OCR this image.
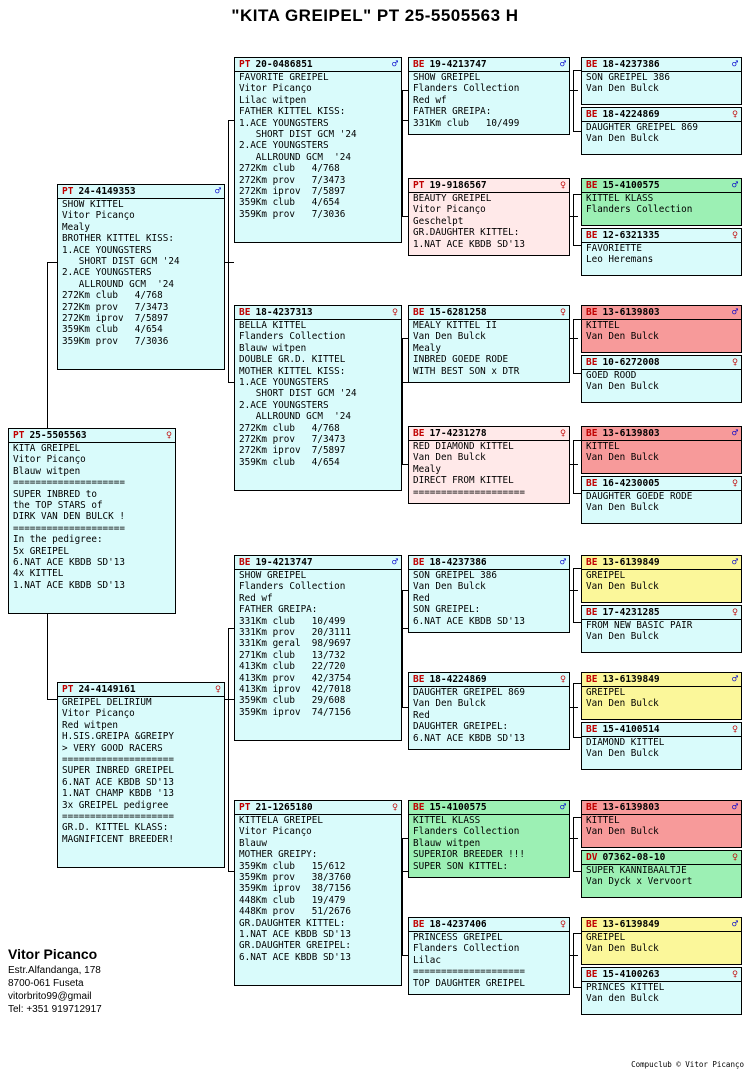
"KITA GREIPEL" PT 25-5505563 H
PT 25-5505563	♀
KITA GREIPEL
Vitor Picanço
Blauw witpen
====================
SUPER INBRED to
the TOP STARS of
DIRK VAN DEN BULCK !
====================
In the pedigree:
5x GREIPEL
6.NAT ACE KBDB SD'13
4x KITTEL
1.NAT ACE KBDB SD'13
PT 24-4149353	♂
SHOW KITTEL
Vitor Picanço
Mealy
BROTHER KITTEL KISS:
1.ACE YOUNGSTERS
SHORT DIST GCM '24
2.ACE YOUNGSTERS
ALLROUND GCM  '24
272Km club   4/768
272Km prov   7/3473
272Km iprov  7/5897
359Km club   4/654
359Km prov   7/3036
PT 24-4149161	♀
GREIPEL DELIRIUM
Vitor Picanço
Red witpen
H.SIS.GREIPA &GREIPY
> VERY GOOD RACERS
====================
SUPER INBRED GREIPEL
6.NAT ACE KBDB SD'13
1.NAT CHAMP KBDB '13
3x GREIPEL pedigree
====================
GR.D. KITTEL KLASS:
MAGNIFICENT BREEDER!
PT 20-0486851	♂
FAVORITE GREIPEL
Vitor Picanço
Lilac witpen
FATHER KITTEL KISS:
1.ACE YOUNGSTERS
SHORT DIST GCM '24
2.ACE YOUNGSTERS
ALLROUND GCM  '24
272Km club   4/768
272Km prov   7/3473
272Km iprov  7/5897
359Km club   4/654
359Km prov   7/3036
BE 18-4237313	♀
BELLA KITTEL
Flanders Collection
Blauw witpen
DOUBLE GR.D. KITTEL
MOTHER KITTEL KISS:
1.ACE YOUNGSTERS
SHORT DIST GCM '24
2.ACE YOUNGSTERS
ALLROUND GCM  '24
272Km club   4/768
272Km prov   7/3473
272Km iprov  7/5897
359Km club   4/654
BE 19-4213747	♂
SHOW GREIPEL
Flanders Collection
Red wf
FATHER GREIPA:
331Km club   10/499
331Km prov   20/3111
331Km geral  98/9697
271Km club   13/732
413Km club   22/720
413Km prov   42/3754
413Km iprov  42/7018
359Km club   29/608
359Km iprov  74/7156
PT 21-1265180	♀
KITTELA GREIPEL
Vitor Picanço
Blauw
MOTHER GREIPY:
359Km club   15/612
359Km prov   38/3760
359Km iprov  38/7156
448Km club   19/479
448Km prov   51/2676
GR.DAUGHTER KITTEL:
1.NAT ACE KBDB SD'13
GR.DAUGHTER GREIPEL:
6.NAT ACE KBDB SD'13
BE 19-4213747	♂
SHOW GREIPEL
Flanders Collection
Red wf
FATHER GREIPA:
331Km club   10/499
PT 19-9186567	♀
BEAUTY GREIPEL
Vitor Picanço
Geschelpt
GR.DAUGHTER KITTEL:
1.NAT ACE KBDB SD'13
BE 15-6281258	♀
MEALY KITTEL II
Van Den Bulck
Mealy
INBRED GOEDE RODE
WITH BEST SON x DTR
BE 17-4231278	♀
RED DIAMOND KITTEL
Van Den Bulck
Mealy
DIRECT FROM KITTEL
====================
BE 18-4237386	♂
SON GREIPEL 386
Van Den Bulck
Red
SON GREIPEL:
6.NAT ACE KBDB SD'13
BE 18-4224869	♀
DAUGHTER GREIPEL 869
Van Den Bulck
Red
DAUGHTER GREIPEL:
6.NAT ACE KBDB SD'13
BE 15-4100575	♂
KITTEL KLASS
Flanders Collection
Blauw witpen
SUPERIOR BREEDER !!!
SUPER SON KITTEL:
BE 18-4237406	♀
PRINCESS GREIPEL
Flanders Collection
Lilac
====================
TOP DAUGHTER GREIPEL
BE 18-4237386	♂
SON GREIPEL 386
Van Den Bulck
BE 18-4224869	♀
DAUGHTER GREIPEL 869
Van Den Bulck
BE 15-4100575	♂
KITTEL KLASS
Flanders Collection
BE 12-6321335	♀
FAVORIETTE
Leo Heremans
BE 13-6139803	♂
KITTEL
Van Den Bulck
BE 10-6272008	♀
GOED ROOD
Van Den Bulck
BE 13-6139803	♂
KITTEL
Van Den Bulck
BE 16-4230005	♀
DAUGHTER GOEDE RODE
Van Den Bulck
BE 13-6139849	♂
GREIPEL
Van Den Bulck
BE 17-4231285	♀
FROM NEW BASIC PAIR
Van Den Bulck
BE 13-6139849	♂
GREIPEL
Van Den Bulck
BE 15-4100514	♀
DIAMOND KITTEL
Van Den Bulck
BE 13-6139803	♂
KITTEL
Van Den Bulck
DV 07362-08-10	♀
SUPER KANNIBAALTJE
Van Dyck x Vervoort
BE 13-6139849	♂
GREIPEL
Van Den Bulck
BE 15-4100263	♀
PRINCES KITTEL
Van den Bulck
Vitor Picanco
Estr.Alfandanga, 178
8700-061 Fuseta
vitorbrito99@gmail
Tel: +351 919712917
Compuclub © Vitor Picanço
